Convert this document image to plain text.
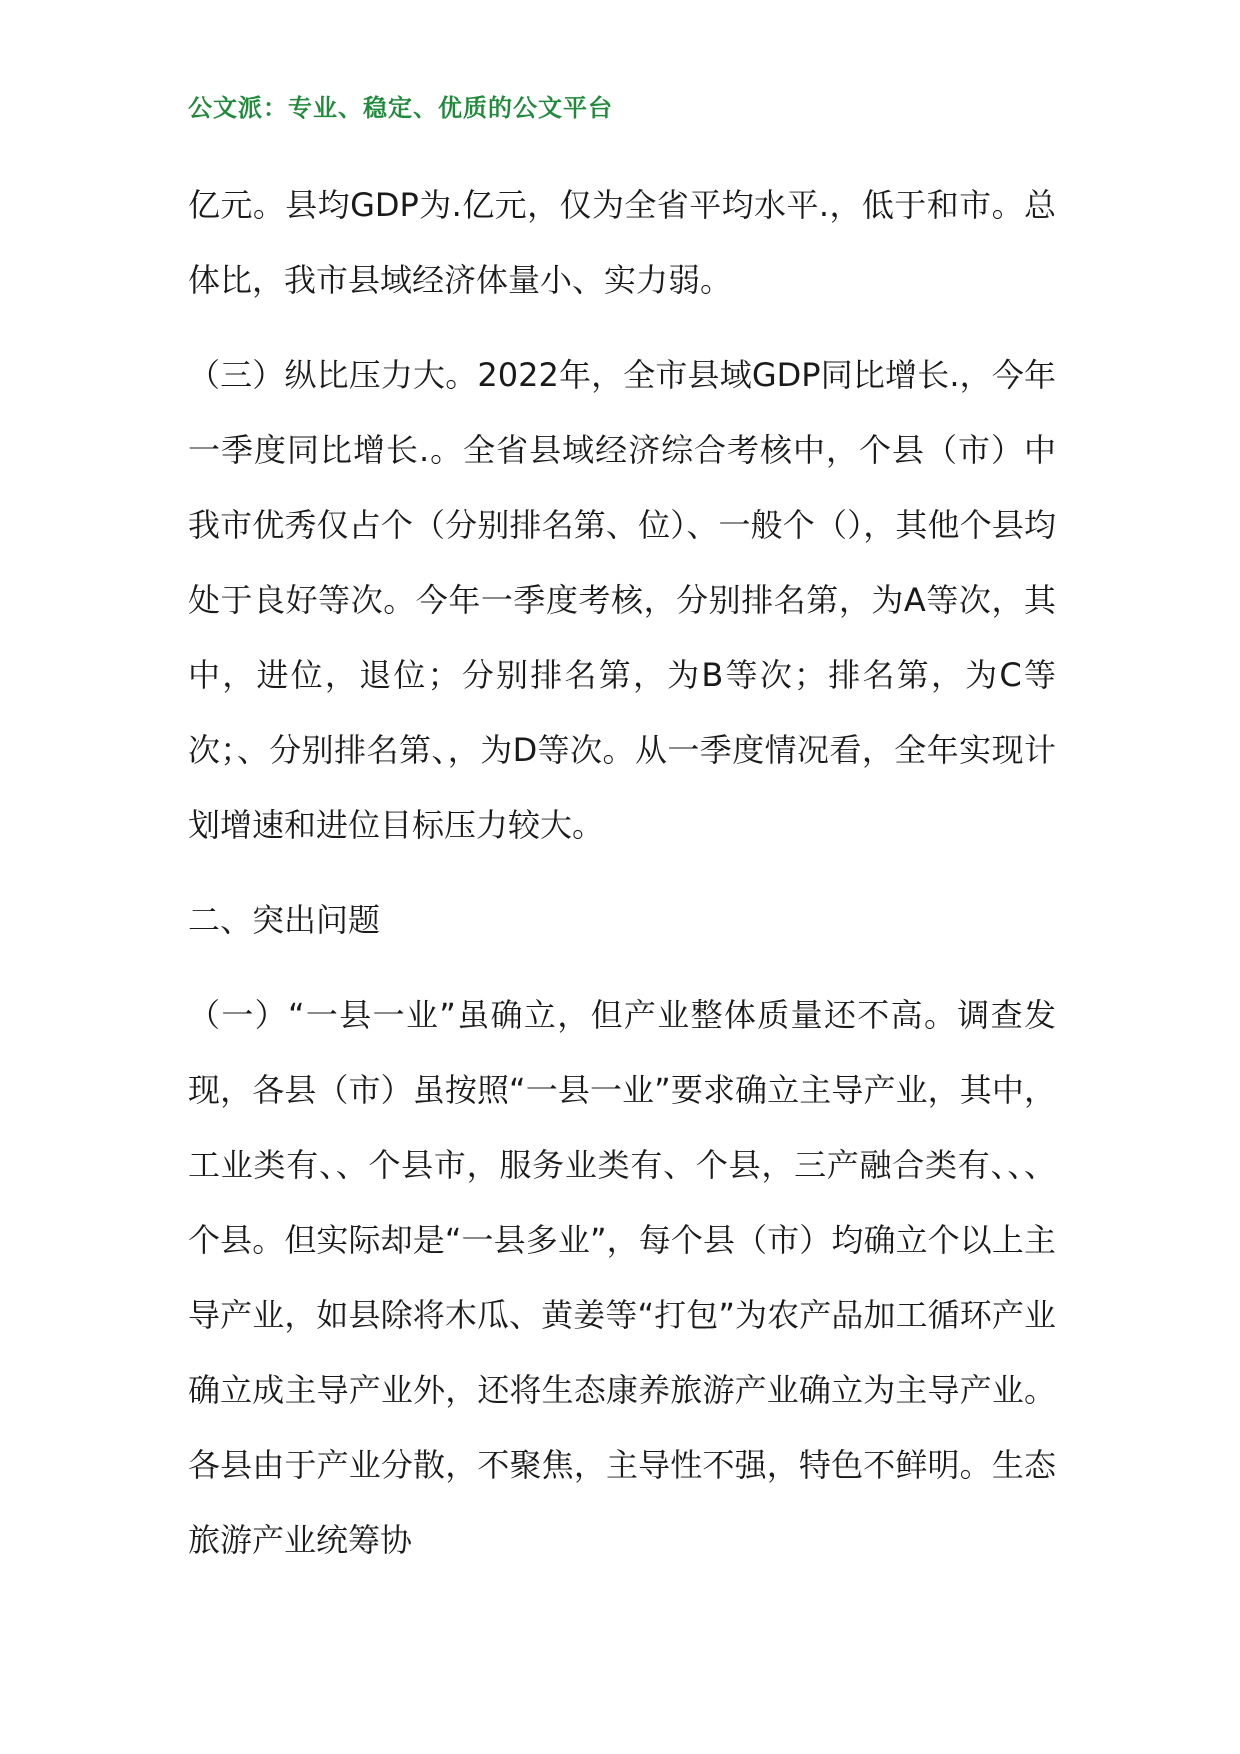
公文派：专业、稳定、优质的公文平台

亿元。县均GDP为.亿元，仅为全省平均水平.，低于和市。总体比，我市县域经济体量小、实力弱。

（三）纵比压力大。2022年，全市县域GDP同比增长.，今年一季度同比增长.。全省县域经济综合考核中，个县（市）中我市优秀仅占个（分别排名第、位）、一般个（），其他个县均处于良好等次。今年一季度考核，分别排名第，为A等次，其中，进位，退位；分别排名第，为B等次；排名第，为C等次；、分别排名第、，为D等次。从一季度情况看，全年实现计划增速和进位目标压力较大。

二、突出问题

（一）“一县一业”虽确立，但产业整体质量还不高。调查发现，各县（市）虽按照“一县一业”要求确立主导产业，其中，工业类有、、个县市，服务业类有、个县，三产融合类有、、、个县。但实际却是“一县多业”，每个县（市）均确立个以上主导产业，如县除将木瓜、黄姜等“打包”为农产品加工循环产业确立成主导产业外，还将生态康养旅游产业确立为主导产业。各县由于产业分散，不聚焦，主导性不强，特色不鲜明。生态旅游产业统筹协
